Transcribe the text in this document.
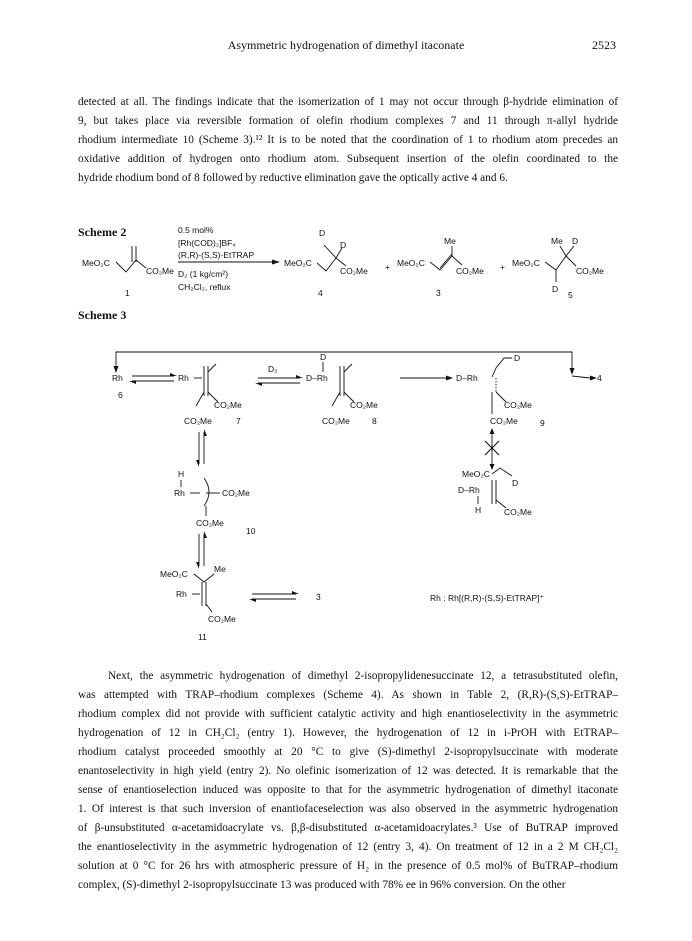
Asymmetric hydrogenation of dimethyl itaconate	2523
detected at all. The findings indicate that the isomerization of 1 may not occur through β-hydride elimination of
9, but takes place via reversible formation of olefin rhodium complexes 7 and 11 through π-allyl hydride
rhodium intermediate 10 (Scheme 3).¹² It is to be noted that the coordination of 1 to rhodium atom precedes an
oxidative addition of hydrogen onto rhodium atom. Subsequent insertion of the olefin coordinated to the
hydride rhodium bond of 8 followed by reductive elimination gave the optically active 4 and 6.
Scheme 2
MeO₂C
CO₂Me
1
0.5 mol%
[Rh(COD)₂]BF₄
(R,R)-(S,S)-EtTRAP
D₂ (1 kg/cm²)
CH₂Cl₂, reflux
MeO₂C
D
D
CO₂Me
4
+ MeO₂C
Me
CO₂Me
3
+ MeO₂C
Me D
D
CO₂Me
5
4
Rh
6
Rh
CO₂Me
CO₂Me	7
D₂
D
D–Rh
CO₂Me
CO₂Me	8
D–Rh
D
CO₂Me
CO₂Me	9
MeO₂C
D
D–Rh
H	CO₂Me
H
Rh	CO₂Me
CO₂Me
10
MeO₂C	Me
Rh
CO₂Me
11
3	Rh : Rh[(R,R)-(S,S)-EtTRAP]⁺
Scheme 3
Next, the asymmetric hydrogenation of dimethyl 2-isopropylidenesuccinate 12, a tetrasubstituted olefin,
was attempted with TRAP–rhodium complexes (Scheme 4). As shown in Table 2, (R,R)-(S,S)-EtTRAP–
rhodium complex did not provide with sufficient catalytic activity and high enantioselectivity in the asymmetric
hydrogenation of 12 in CH₂Cl₂ (entry 1). However, the hydrogenation of 12 in i-PrOH with EtTRAP–
rhodium catalyst proceeded smoothly at 20 °C to give (S)-dimethyl 2-isopropylsuccinate with moderate
enantoselectivity in high yield (entry 2). No olefinic isomerization of 12 was detected. It is remarkable that the
sense of enantioselection induced was opposite to that for the asymmetric hydrogenation of dimethyl itaconate
1. Of interest is that such inversion of enantiofaceselection was also observed in the asymmetric hydrogenation
of β-unsubstituted α-acetamidoacrylate vs. β,β-disubstituted α-acetamidoacrylates.³ Use of BuTRAP improved
the enantioselectivity in the asymmetric hydrogenation of 12 (entry 3, 4). On treatment of 12 in a 2 M CH₂Cl₂
solution at 0 °C for 26 hrs with atmospheric pressure of H₂ in the presence of 0.5 mol% of BuTRAP–rhodium
complex, (S)-dimethyl 2-isopropylsuccinate 13 was produced with 78% ee in 96% conversion. On the other
